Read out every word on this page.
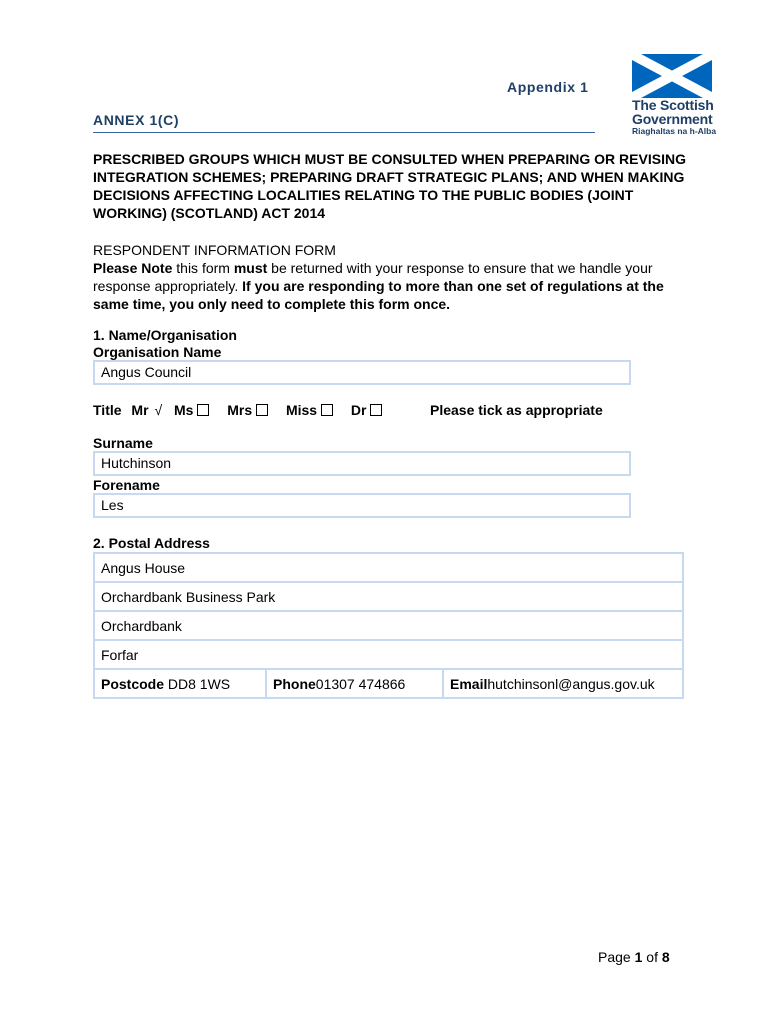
The Scottish
Government
Riaghaltas na h-Alba
Appendix 1
ANNEX 1(C)
PRESCRIBED GROUPS WHICH MUST BE CONSULTED WHEN PREPARING OR REVISING INTEGRATION SCHEMES; PREPARING DRAFT STRATEGIC PLANS; AND WHEN MAKING DECISIONS AFFECTING LOCALITIES RELATING TO THE PUBLIC BODIES (JOINT WORKING) (SCOTLAND) ACT 2014
RESPONDENT INFORMATION FORM
Please Note this form must be returned with your response to ensure that we handle your response appropriately. If you are responding to more than one set of regulations at the same time, you only need to complete this form once.
1. Name/Organisation
Organisation Name
Angus Council
Title Mr √ Ms Mrs Miss Dr	Please tick as appropriate
Surname
Hutchinson
Forename
Les
2. Postal Address
Angus House
Orchardbank Business Park
Orchardbank
Forfar
Postcode DD8 1WS	Phone01307 474866	Emailhutchinsonl@angus.gov.uk
Page 1 of 8
